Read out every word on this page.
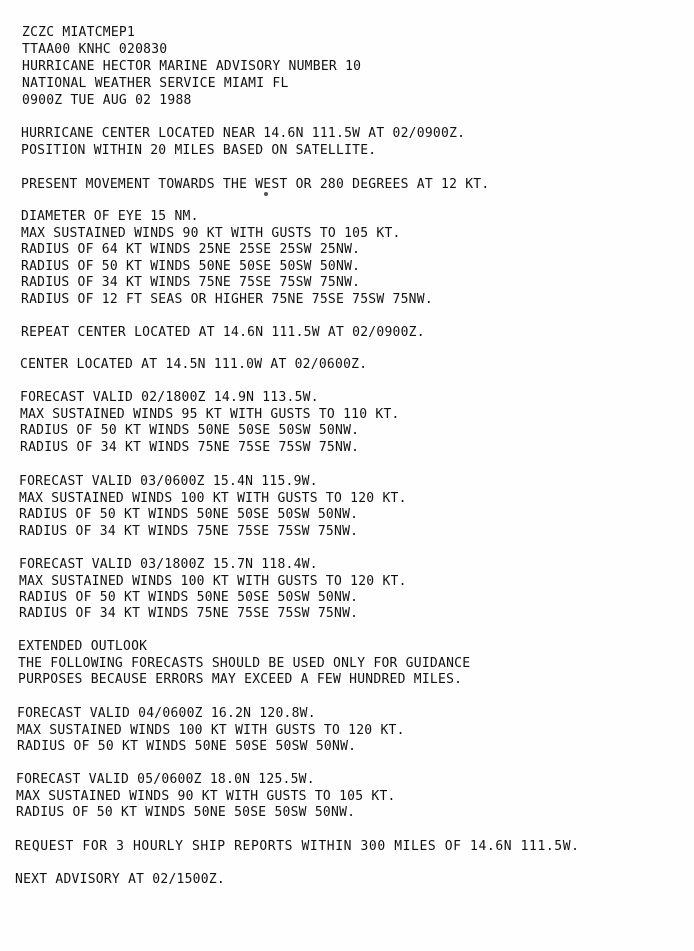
ZCZC MIATCMEP1
TTAA00 KNHC 020830
HURRICANE HECTOR MARINE ADVISORY NUMBER 10
NATIONAL WEATHER SERVICE MIAMI FL
0900Z TUE AUG 02 1988
HURRICANE CENTER LOCATED NEAR 14.6N 111.5W AT 02/0900Z.
POSITION WITHIN 20 MILES BASED ON SATELLITE.
PRESENT MOVEMENT TOWARDS THE WEST OR 280 DEGREES AT 12 KT.
DIAMETER OF EYE 15 NM.
MAX SUSTAINED WINDS 90 KT WITH GUSTS TO 105 KT.
RADIUS OF 64 KT WINDS 25NE 25SE 25SW 25NW.
RADIUS OF 50 KT WINDS 50NE 50SE 50SW 50NW.
RADIUS OF 34 KT WINDS 75NE 75SE 75SW 75NW.
RADIUS OF 12 FT SEAS OR HIGHER 75NE 75SE 75SW 75NW.
REPEAT CENTER LOCATED AT 14.6N 111.5W AT 02/0900Z.
CENTER LOCATED AT 14.5N 111.0W AT 02/0600Z.
FORECAST VALID 02/1800Z 14.9N 113.5W.
MAX SUSTAINED WINDS 95 KT WITH GUSTS TO 110 KT.
RADIUS OF 50 KT WINDS 50NE 50SE 50SW 50NW.
RADIUS OF 34 KT WINDS 75NE 75SE 75SW 75NW.
FORECAST VALID 03/0600Z 15.4N 115.9W.
MAX SUSTAINED WINDS 100 KT WITH GUSTS TO 120 KT.
RADIUS OF 50 KT WINDS 50NE 50SE 50SW 50NW.
RADIUS OF 34 KT WINDS 75NE 75SE 75SW 75NW.
FORECAST VALID 03/1800Z 15.7N 118.4W.
MAX SUSTAINED WINDS 100 KT WITH GUSTS TO 120 KT.
RADIUS OF 50 KT WINDS 50NE 50SE 50SW 50NW.
RADIUS OF 34 KT WINDS 75NE 75SE 75SW 75NW.
EXTENDED OUTLOOK
THE FOLLOWING FORECASTS SHOULD BE USED ONLY FOR GUIDANCE
PURPOSES BECAUSE ERRORS MAY EXCEED A FEW HUNDRED MILES.
FORECAST VALID 04/0600Z 16.2N 120.8W.
MAX SUSTAINED WINDS 100 KT WITH GUSTS TO 120 KT.
RADIUS OF 50 KT WINDS 50NE 50SE 50SW 50NW.
FORECAST VALID 05/0600Z 18.0N 125.5W.
MAX SUSTAINED WINDS 90 KT WITH GUSTS TO 105 KT.
RADIUS OF 50 KT WINDS 50NE 50SE 50SW 50NW.
REQUEST FOR 3 HOURLY SHIP REPORTS WITHIN 300 MILES OF 14.6N 111.5W.
NEXT ADVISORY AT 02/1500Z.
